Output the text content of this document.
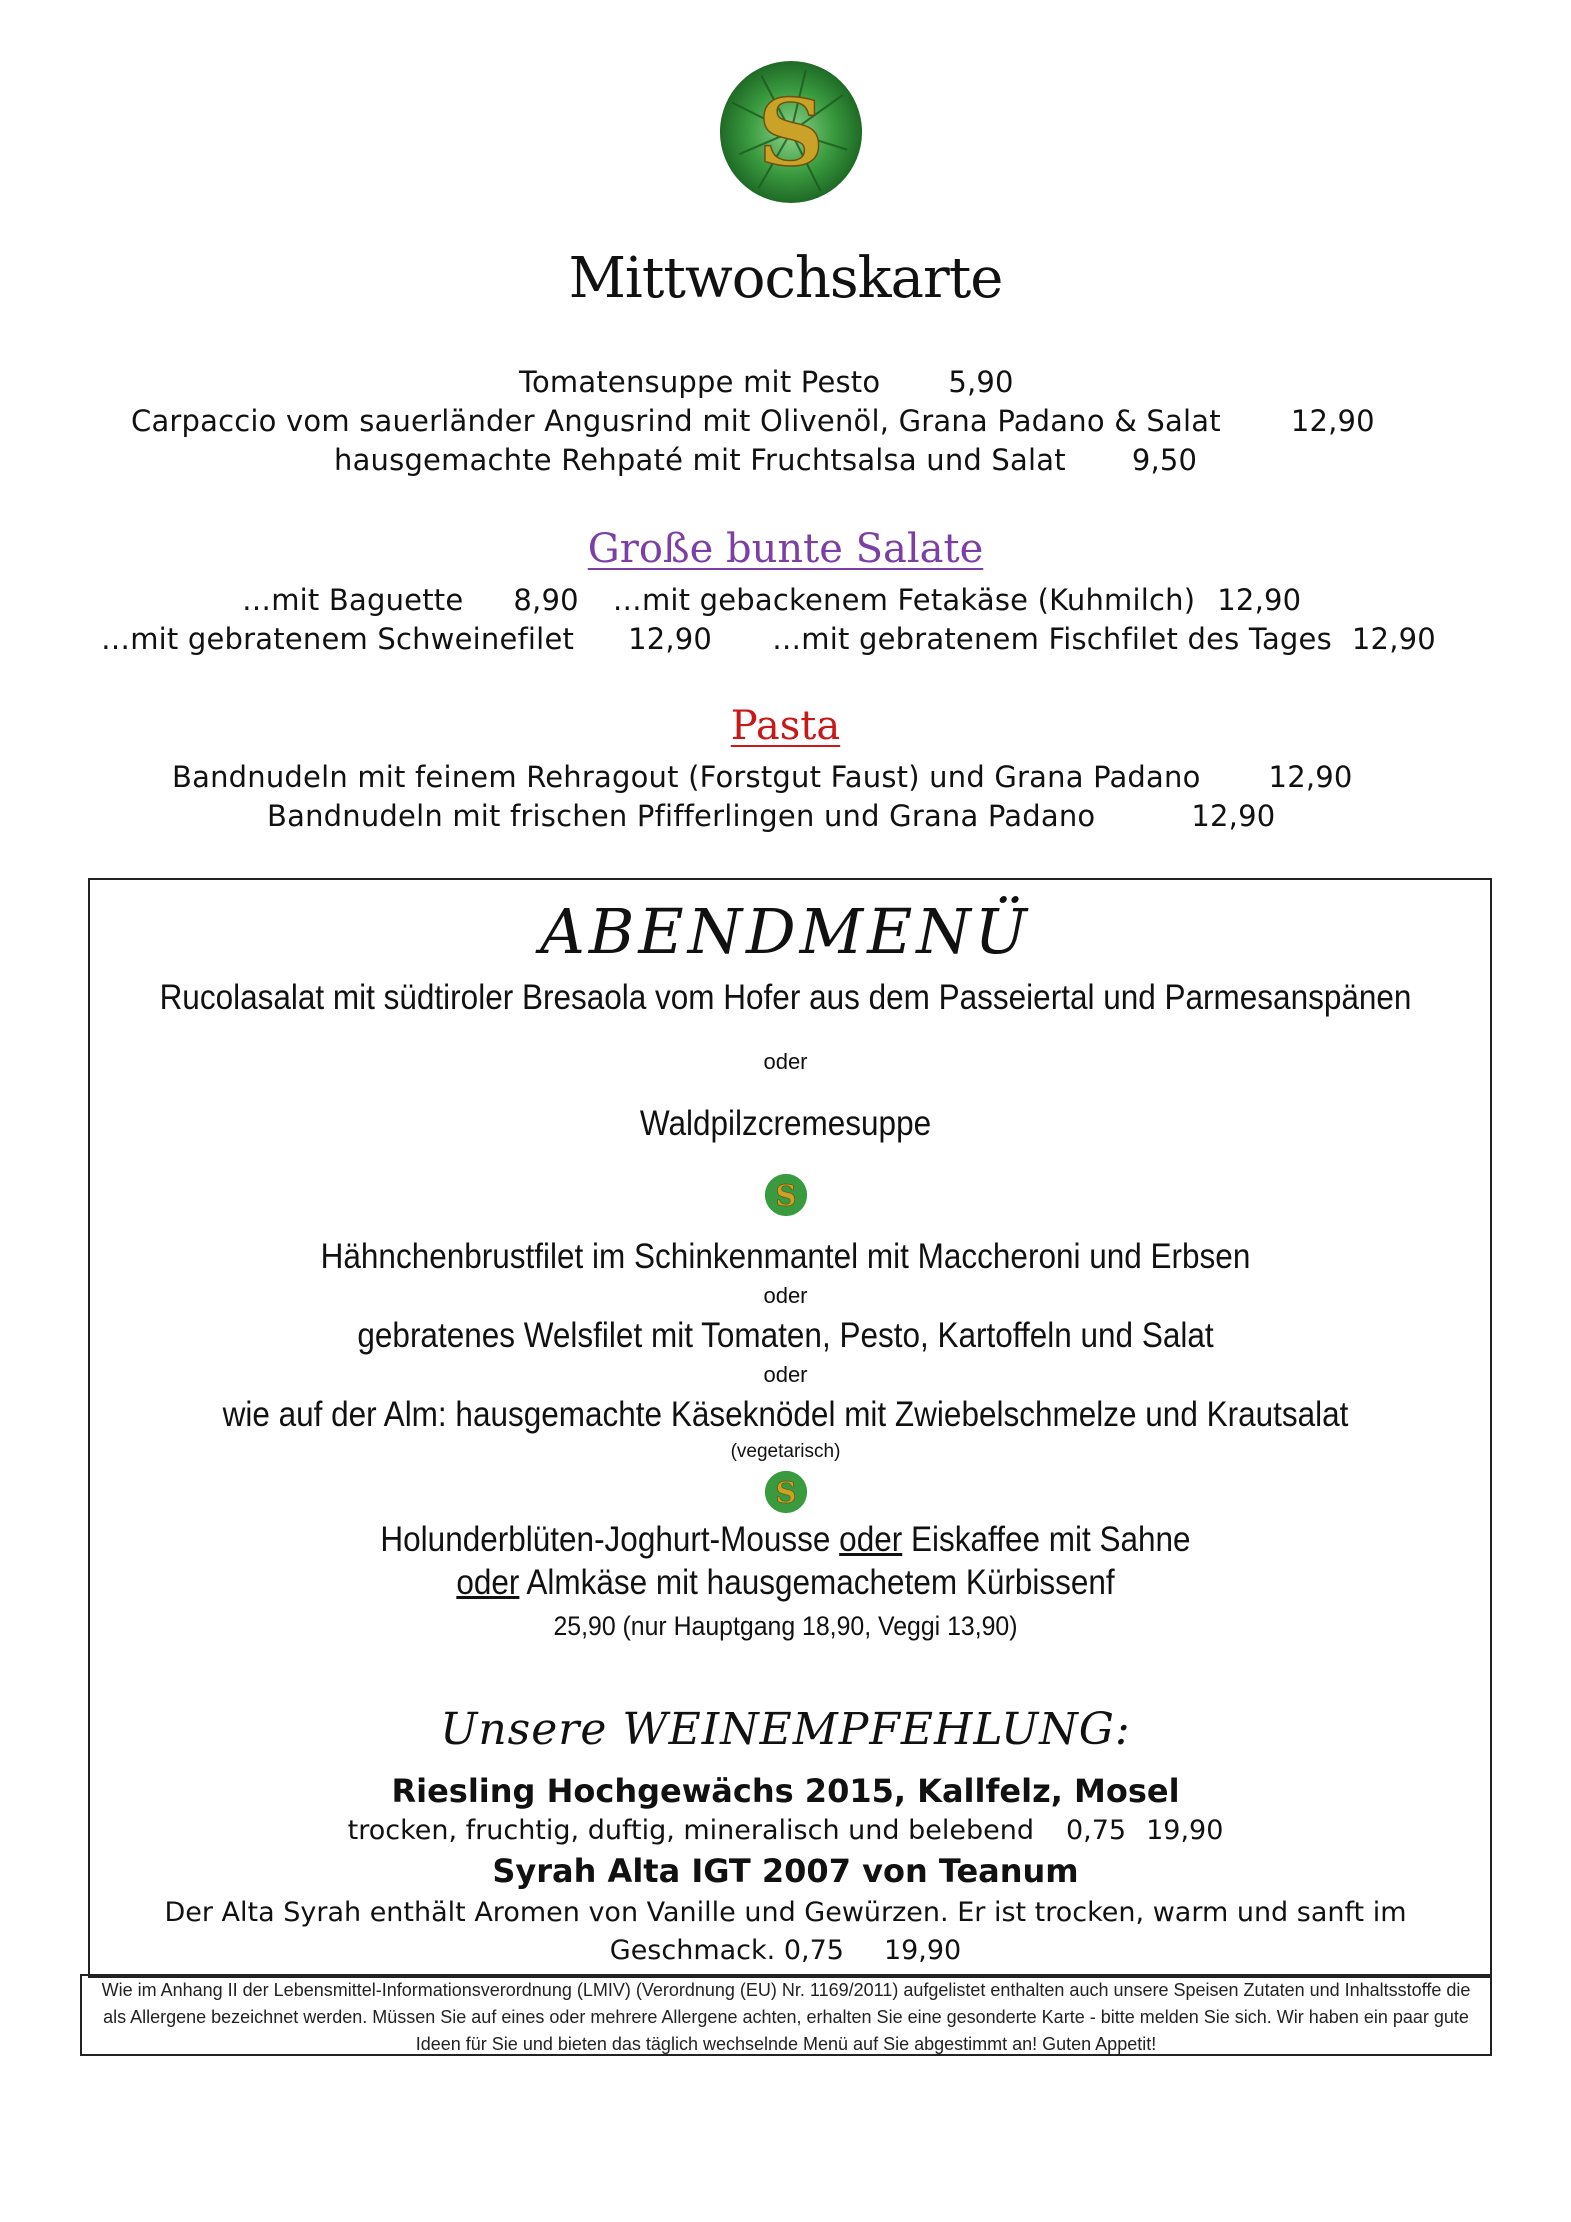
S
Mittwochskarte
Tomatensuppe mit Pesto 5,90
Carpaccio vom sauerländer Angusrind mit Olivenöl, Grana Padano & Salat 12,90
hausgemachte Rehpaté mit Fruchtsalsa und Salat 9,50
Große bunte Salate
…mit Baguette 8,90 …mit gebackenem Fetakäse (Kuhmilch) 12,90
…mit gebratenem Schweinefilet 12,90 …mit gebratenem Fischfilet des Tages 12,90
Pasta
Bandnudeln mit feinem Rehragout (Forstgut Faust) und Grana Padano 12,90
Bandnudeln mit frischen Pfifferlingen und Grana Padano	12,90
ABENDMENÜ
Rucolasalat mit südtiroler Bresaola vom Hofer aus dem Passeiertal und Parmesanspänen
oder
Waldpilzcremesuppe
S
Hähnchenbrustfilet im Schinkenmantel mit Maccheroni und Erbsen
oder
gebratenes Welsfilet mit Tomaten, Pesto, Kartoffeln und Salat
oder
wie auf der Alm: hausgemachte Käseknödel mit Zwiebelschmelze und Krautsalat
(vegetarisch)
S
Holunderblüten-Joghurt-Mousse oder Eiskaffee mit Sahne
oder Almkäse mit hausgemachetem Kürbissenf
25,90 (nur Hauptgang 18,90, Veggi 13,90)
Unsere WEINEMPFEHLUNG:
Riesling Hochgewächs 2015, Kallfelz, Mosel
trocken, fruchtig, duftig, mineralisch und belebend 0,75 19,90
Syrah Alta IGT 2007 von Teanum
Der Alta Syrah enthält Aromen von Vanille und Gewürzen. Er ist trocken, warm und sanft im
Geschmack. 0,75 19,90
Wie im Anhang II der Lebensmittel-Informationsverordnung (LMIV) (Verordnung (EU) Nr. 1169/2011) aufgelistet enthalten auch unsere Speisen Zutaten und Inhaltsstoffe die als Allergene bezeichnet werden. Müssen Sie auf eines oder mehrere Allergene achten, erhalten Sie eine gesonderte Karte - bitte melden Sie sich. Wir haben ein paar gute Ideen für Sie und bieten das täglich wechselnde Menü auf Sie abgestimmt an! Guten Appetit!
